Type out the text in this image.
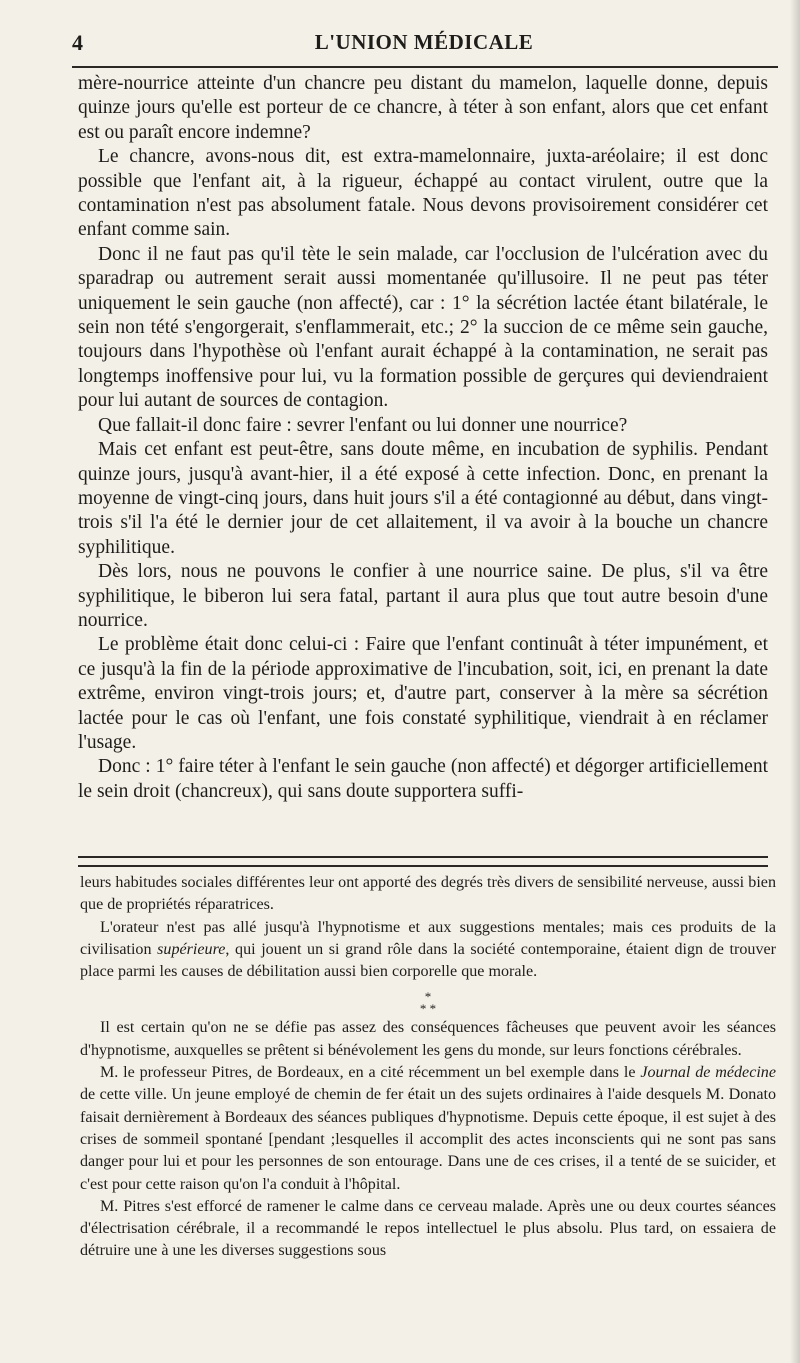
4	L'UNION MÉDICALE

mère-nourrice atteinte d'un chancre peu distant du mamelon, laquelle donne, depuis quinze jours qu'elle est porteur de ce chancre, à téter à son enfant, alors que cet enfant est ou paraît encore indemne?

Le chancre, avons-nous dit, est extra-mamelonnaire, juxta-aréolaire; il est donc possible que l'enfant ait, à la rigueur, échappé au contact virulent, outre que la contamination n'est pas absolument fatale. Nous devons provisoirement considérer cet enfant comme sain.

Donc il ne faut pas qu'il tète le sein malade, car l'occlusion de l'ulcération avec du sparadrap ou autrement serait aussi momentanée qu'illusoire. Il ne peut pas téter uniquement le sein gauche (non affecté), car : 1° la sécrétion lactée étant bilatérale, le sein non tété s'engorgerait, s'enflammerait, etc.; 2° la succion de ce même sein gauche, toujours dans l'hypothèse où l'enfant aurait échappé à la contamination, ne serait pas longtemps inoffensive pour lui, vu la formation possible de gerçures qui deviendraient pour lui autant de sources de contagion.

Que fallait-il donc faire : sevrer l'enfant ou lui donner une nourrice?

Mais cet enfant est peut-être, sans doute même, en incubation de syphilis. Pendant quinze jours, jusqu'à avant-hier, il a été exposé à cette infection. Donc, en prenant la moyenne de vingt-cinq jours, dans huit jours s'il a été contagionné au début, dans vingt-trois s'il l'a été le dernier jour de cet allaitement, il va avoir à la bouche un chancre syphilitique.

Dès lors, nous ne pouvons le confier à une nourrice saine. De plus, s'il va être syphilitique, le biberon lui sera fatal, partant il aura plus que tout autre besoin d'une nourrice.

Le problème était donc celui-ci : Faire que l'enfant continuât à téter impunément, et ce jusqu'à la fin de la période approximative de l'incubation, soit, ici, en prenant la date extrême, environ vingt-trois jours; et, d'autre part, conserver à la mère sa sécrétion lactée pour le cas où l'enfant, une fois constaté syphilitique, viendrait à en réclamer l'usage.

Donc : 1° faire téter à l'enfant le sein gauche (non affecté) et dégorger artificiellement le sein droit (chancreux), qui sans doute supportera suffi-

leurs habitudes sociales différentes leur ont apporté des degrés très divers de sensibilité nerveuse, aussi bien que de propriétés réparatrices.

L'orateur n'est pas allé jusqu'à l'hypnotisme et aux suggestions mentales; mais ces produits de la civilisation supérieure, qui jouent un si grand rôle dans la société contemporaine, étaient dign de trouver place parmi les causes de débilitation aussi bien corporelle que morale.

*
* *

Il est certain qu'on ne se défie pas assez des conséquences fâcheuses que peuvent avoir les séances d'hypnotisme, auxquelles se prêtent si bénévolement les gens du monde, sur leurs fonctions cérébrales.

M. le professeur Pitres, de Bordeaux, en a cité récemment un bel exemple dans le Journal de médecine de cette ville. Un jeune employé de chemin de fer était un des sujets ordinaires à l'aide desquels M. Donato faisait dernièrement à Bordeaux des séances publiques d'hypnotisme. Depuis cette époque, il est sujet à des crises de sommeil spontané [pendant ;lesquelles il accomplit des actes inconscients qui ne sont pas sans danger pour lui et pour les personnes de son entourage. Dans une de ces crises, il a tenté de se suicider, et c'est pour cette raison qu'on l'a conduit à l'hôpital.

M. Pitres s'est efforcé de ramener le calme dans ce cerveau malade. Après une ou deux courtes séances d'électrisation cérébrale, il a recommandé le repos intellectuel le plus absolu. Plus tard, on essaiera de détruire une à une les diverses suggestions sous
